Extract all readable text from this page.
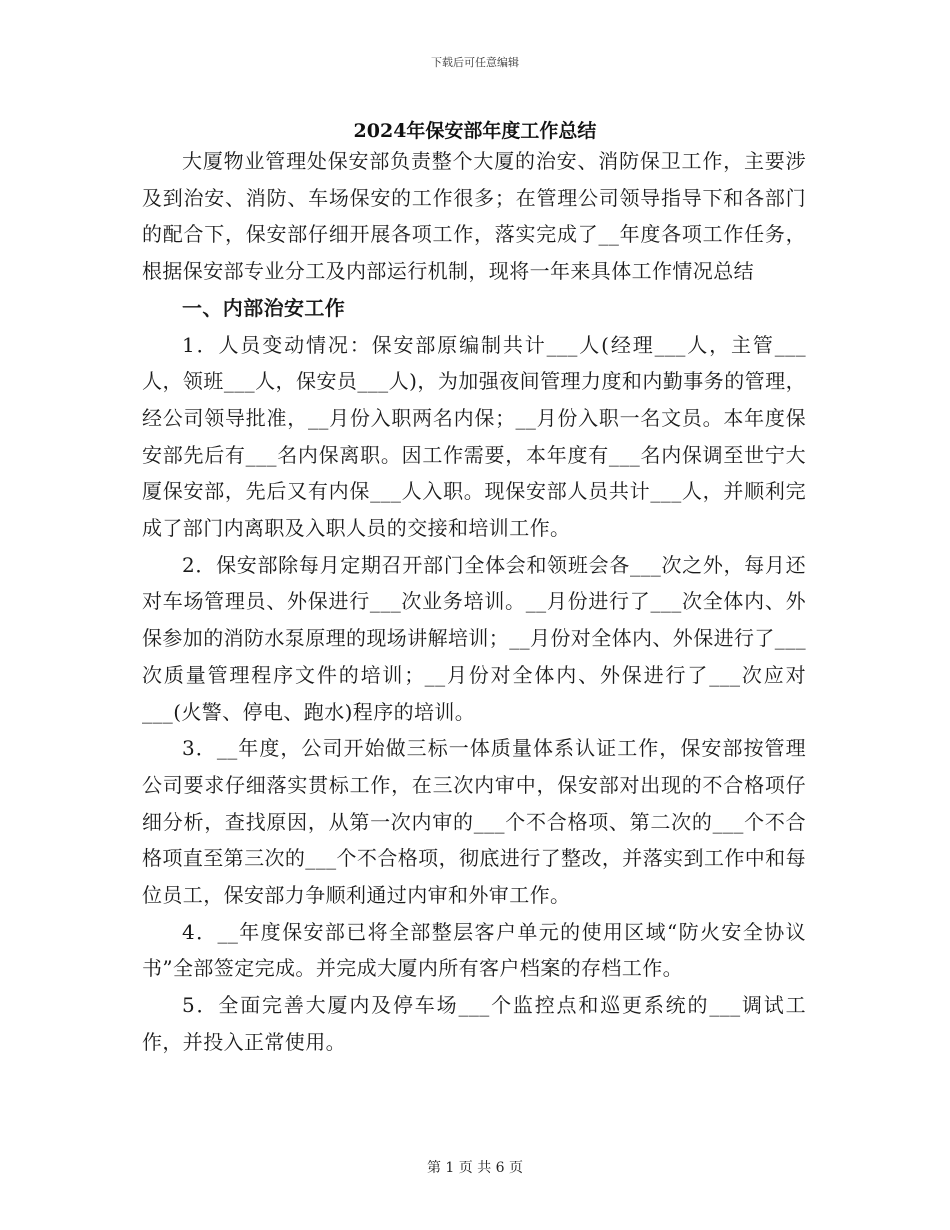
下载后可任意编辑
2024年保安部年度工作总结

大厦物业管理处保安部负责整个大厦的治安、消防保卫工作，主要涉及到治安、消防、车场保安的工作很多；在管理公司领导指导下和各部门的配合下，保安部仔细开展各项工作，落实完成了__年度各项工作任务，根据保安部专业分工及内部运行机制，现将一年来具体工作情况总结

一、内部治安工作

1．人员变动情况：保安部原编制共计___人(经理___人，主管___人，领班___人，保安员___人)，为加强夜间管理力度和内勤事务的管理，经公司领导批准，__月份入职两名内保；__月份入职一名文员。本年度保安部先后有___名内保离职。因工作需要，本年度有___名内保调至世宁大厦保安部，先后又有内保___人入职。现保安部人员共计___人，并顺利完成了部门内离职及入职人员的交接和培训工作。

2．保安部除每月定期召开部门全体会和领班会各___次之外，每月还对车场管理员、外保进行___次业务培训。__月份进行了___次全体内、外保参加的消防水泵原理的现场讲解培训；__月份对全体内、外保进行了___次质量管理程序文件的培训；__月份对全体内、外保进行了___次应对___(火警、停电、跑水)程序的培训。

3．__年度，公司开始做三标一体质量体系认证工作，保安部按管理公司要求仔细落实贯标工作，在三次内审中，保安部对出现的不合格项仔细分析，查找原因，从第一次内审的___个不合格项、第二次的___个不合格项直至第三次的___个不合格项，彻底进行了整改，并落实到工作中和每位员工，保安部力争顺利通过内审和外审工作。

4．__年度保安部已将全部整层客户单元的使用区域“防火安全协议书”全部签定完成。并完成大厦内所有客户档案的存档工作。

5．全面完善大厦内及停车场___个监控点和巡更系统的___调试工作，并投入正常使用。

第 1 页 共 6 页
